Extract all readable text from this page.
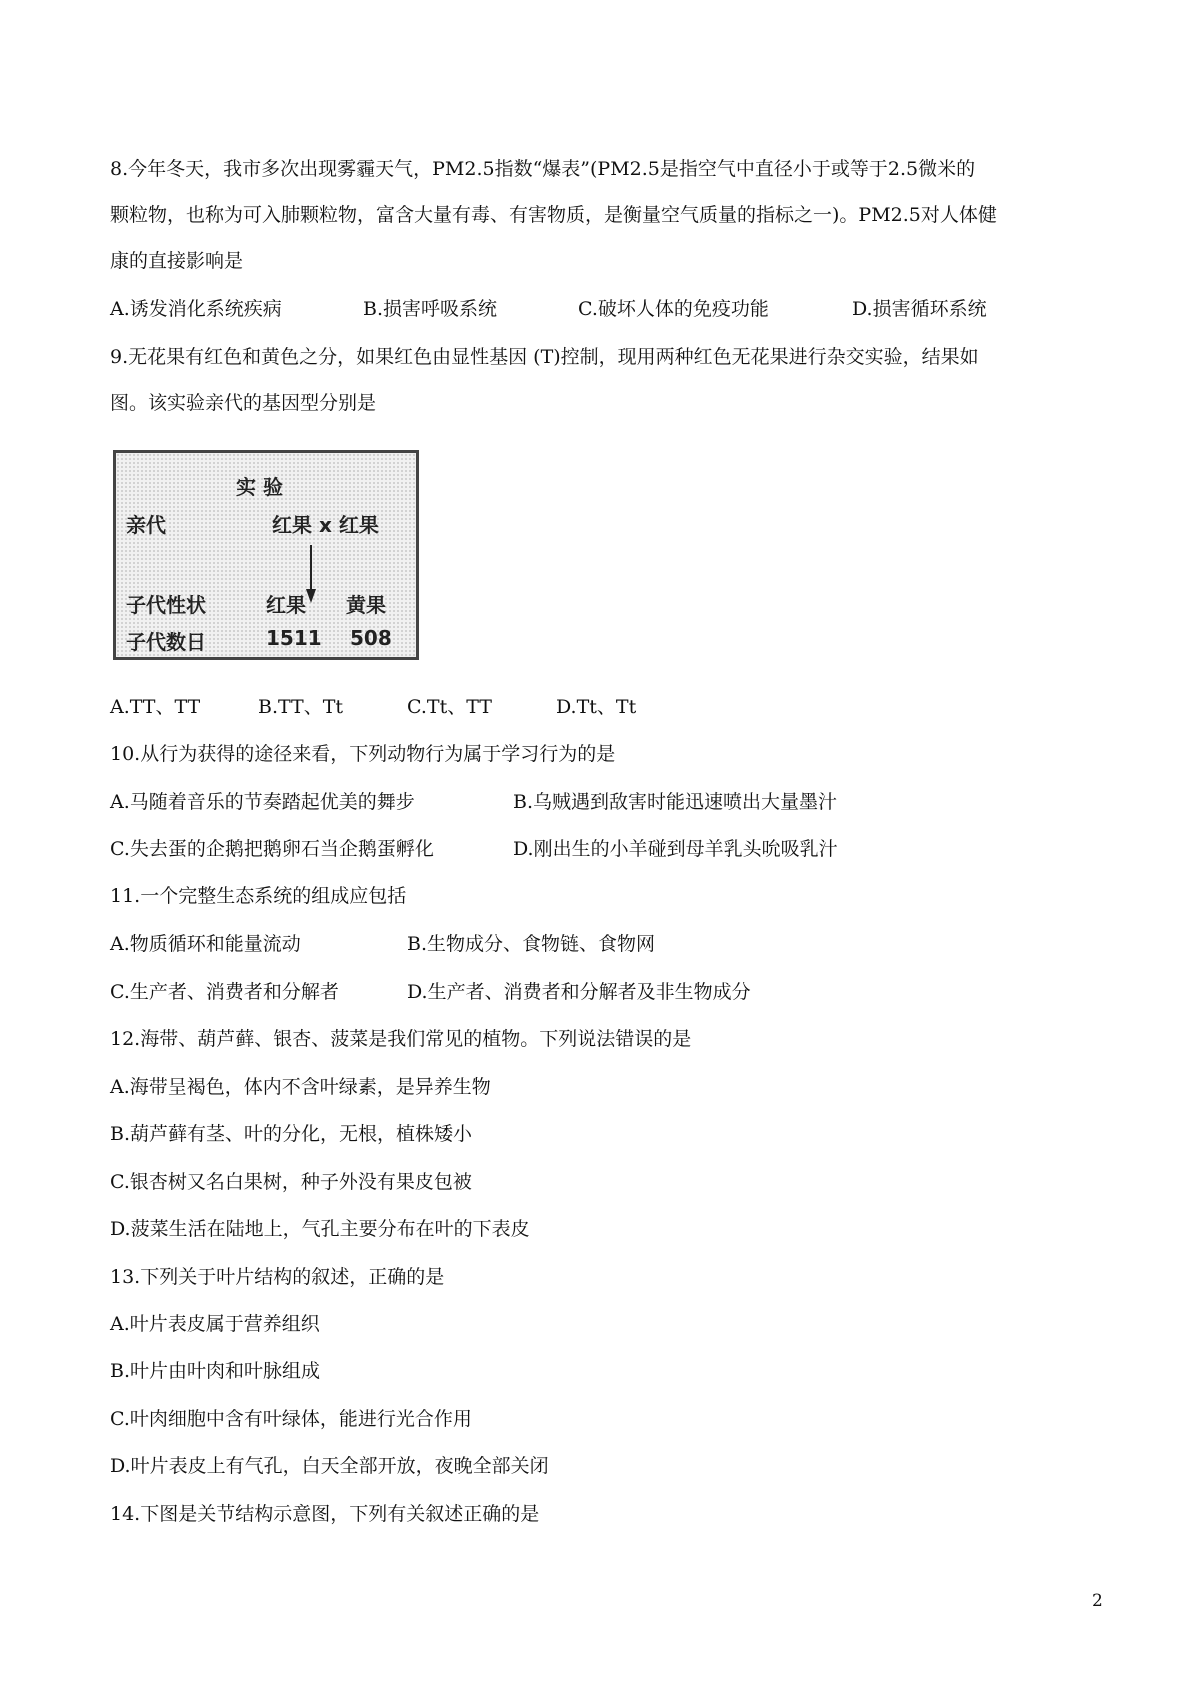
8.今年冬天，我市多次出现雾霾天气，PM2.5指数“爆表”(PM2.5是指空气中直径小于或等于2.5微米的

颗粒物，也称为可入肺颗粒物，富含大量有毒、有害物质，是衡量空气质量的指标之一)。PM2.5对人体健

康的直接影响是

A.诱发消化系统疾病	B.损害呼吸系统	C.破坏人体的免疫功能	D.损害循环系统

9.无花果有红色和黄色之分，如果红色由显性基因 (T)控制，现用两种红色无花果进行杂交实验，结果如

图。该实验亲代的基因型分别是

实 验
亲代	红果 x 红果
子代性状	红果 黄果
子代数日	1511 508
A.TT、TT	B.TT、Tt	C.Tt、TT	D.Tt、Tt

10.从行为获得的途径来看，下列动物行为属于学习行为的是

A.马随着音乐的节奏踏起优美的舞步	B.乌贼遇到敌害时能迅速喷出大量墨汁
C.失去蛋的企鹅把鹅卵石当企鹅蛋孵化	D.刚出生的小羊碰到母羊乳头吮吸乳汁

11.一个完整生态系统的组成应包括

A.物质循环和能量流动	B.生物成分、食物链、食物网
C.生产者、消费者和分解者	D.生产者、消费者和分解者及非生物成分

12.海带、葫芦藓、银杏、菠菜是我们常见的植物。下列说法错误的是

A.海带呈褐色，体内不含叶绿素，是异养生物

B.葫芦藓有茎、叶的分化，无根，植株矮小

C.银杏树又名白果树，种子外没有果皮包被

D.菠菜生活在陆地上，气孔主要分布在叶的下表皮

13.下列关于叶片结构的叙述，正确的是

A.叶片表皮属于营养组织

B.叶片由叶肉和叶脉组成

C.叶肉细胞中含有叶绿体，能进行光合作用

D.叶片表皮上有气孔，白天全部开放，夜晚全部关闭

14.下图是关节结构示意图，下列有关叙述正确的是

2
